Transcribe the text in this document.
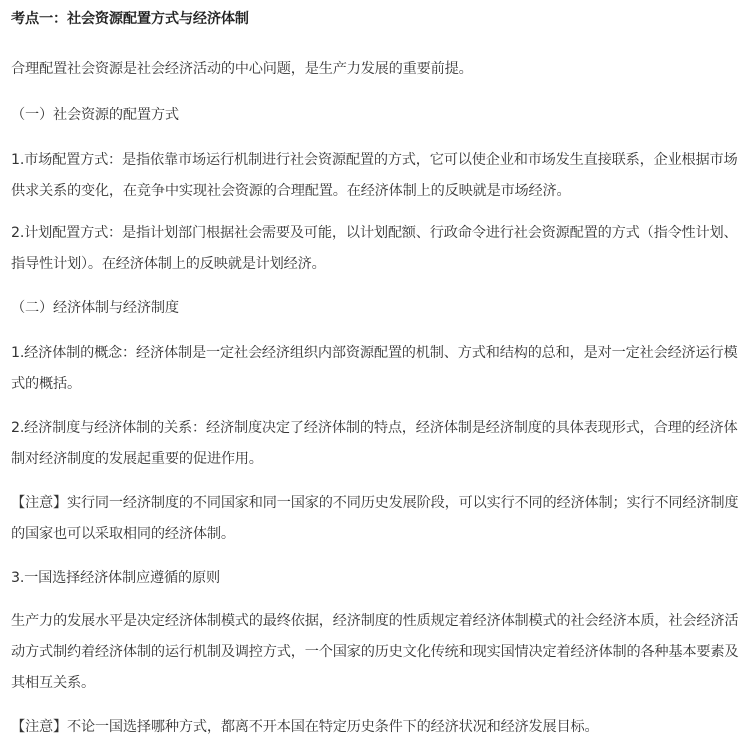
考点一：社会资源配置方式与经济体制

合理配置社会资源是社会经济活动的中心问题，是生产力发展的重要前提。

（一）社会资源的配置方式

1.市场配置方式：是指依靠市场运行机制进行社会资源配置的方式，它可以使企业和市场发生直接联系，企业根据市场供求关系的变化，在竞争中实现社会资源的合理配置。在经济体制上的反映就是市场经济。

2.计划配置方式：是指计划部门根据社会需要及可能，以计划配额、行政命令进行社会资源配置的方式（指令性计划、指导性计划）。在经济体制上的反映就是计划经济。

（二）经济体制与经济制度

1.经济体制的概念：经济体制是一定社会经济组织内部资源配置的机制、方式和结构的总和，是对一定社会经济运行模式的概括。

2.经济制度与经济体制的关系：经济制度决定了经济体制的特点，经济体制是经济制度的具体表现形式，合理的经济体制对经济制度的发展起重要的促进作用。

【注意】实行同一经济制度的不同国家和同一国家的不同历史发展阶段，可以实行不同的经济体制；实行不同经济制度的国家也可以采取相同的经济体制。

3.一国选择经济体制应遵循的原则

生产力的发展水平是决定经济体制模式的最终依据，经济制度的性质规定着经济体制模式的社会经济本质，社会经济活动方式制约着经济体制的运行机制及调控方式，一个国家的历史文化传统和现实国情决定着经济体制的各种基本要素及其相互关系。

【注意】不论一国选择哪种方式，都离不开本国在特定历史条件下的经济状况和经济发展目标。
